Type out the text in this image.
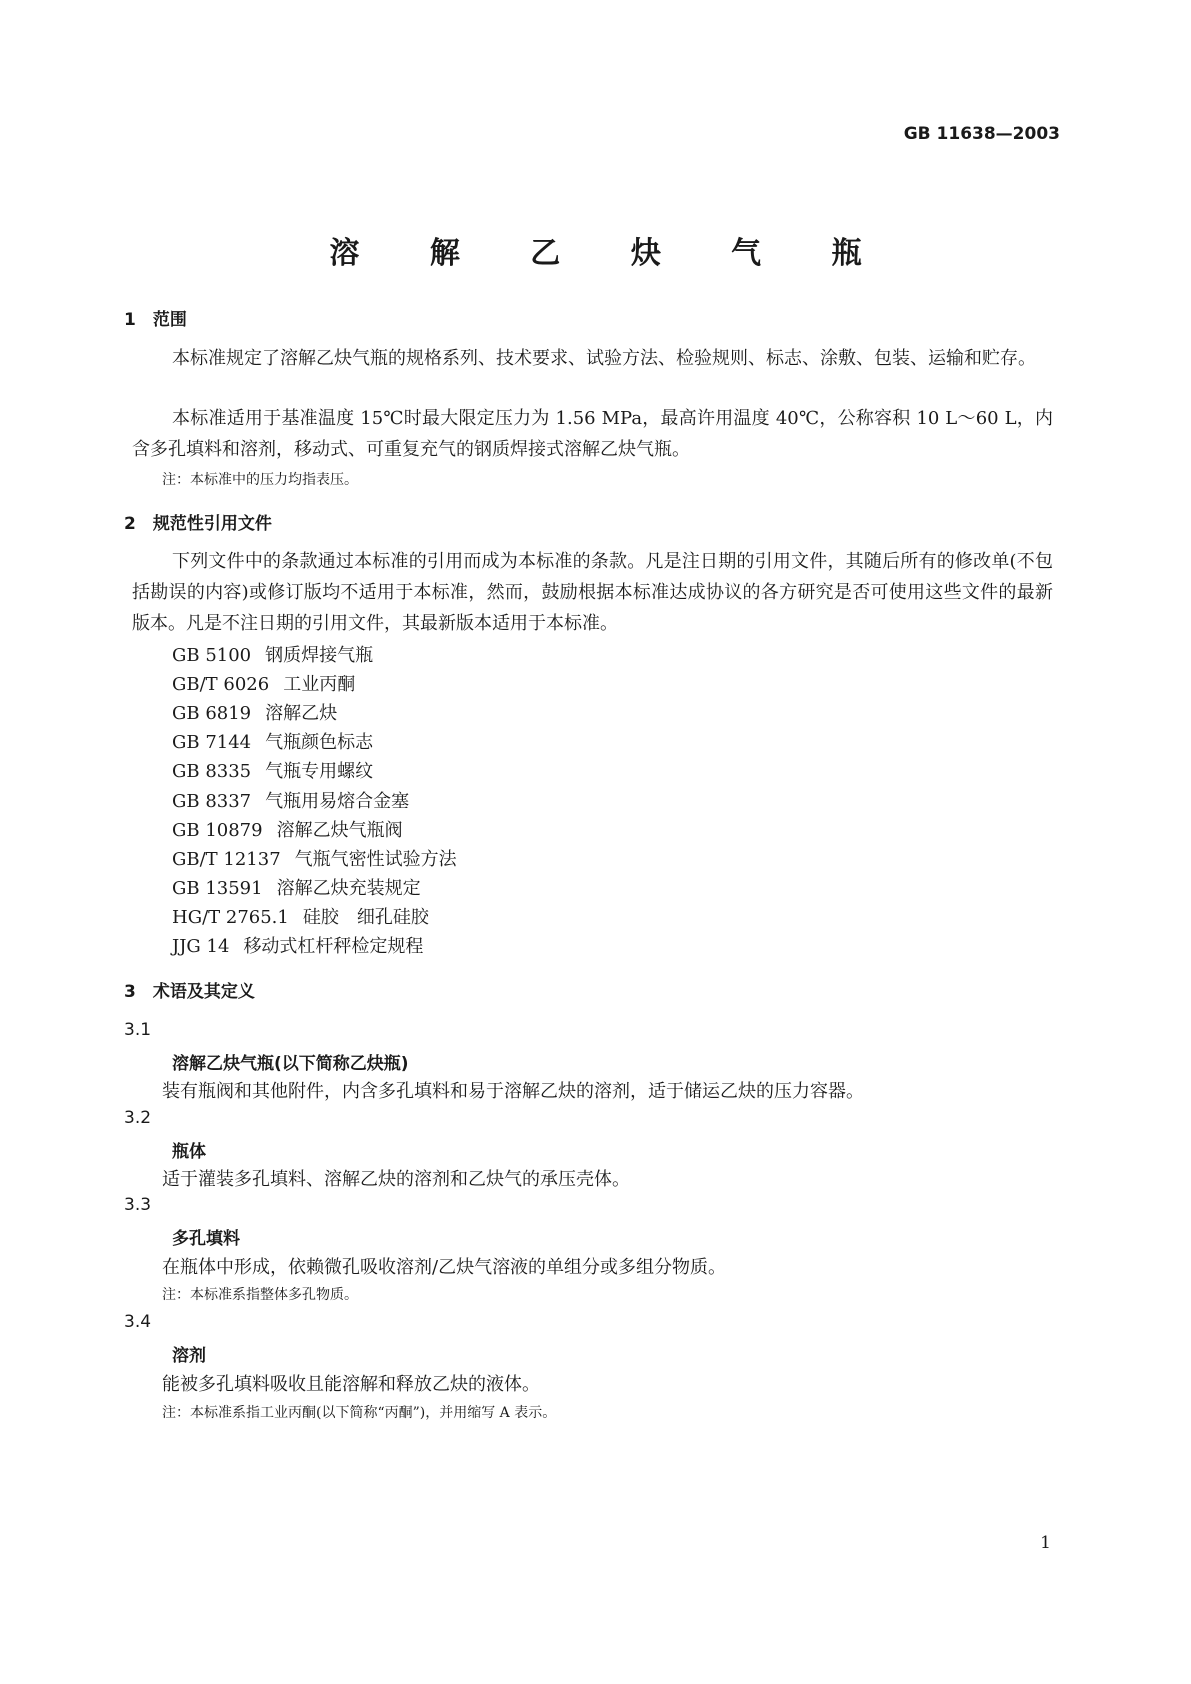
GB 11638—2003
溶 解 乙 炔 气 瓶
1　范围
本标准规定了溶解乙炔气瓶的规格系列、技术要求、试验方法、检验规则、标志、涂敷、包装、运输和贮存。
本标准适用于基准温度 15℃时最大限定压力为 1.56 MPa，最高许用温度 40℃，公称容积 10 L～60 L，内含多孔填料和溶剂，移动式、可重复充气的钢质焊接式溶解乙炔气瓶。
注：本标准中的压力均指表压。
2　规范性引用文件
下列文件中的条款通过本标准的引用而成为本标准的条款。凡是注日期的引用文件，其随后所有的修改单(不包括勘误的内容)或修订版均不适用于本标准，然而，鼓励根据本标准达成协议的各方研究是否可使用这些文件的最新版本。凡是不注日期的引用文件，其最新版本适用于本标准。
GB 5100 钢质焊接气瓶
GB/T 6026 工业丙酮
GB 6819 溶解乙炔
GB 7144 气瓶颜色标志
GB 8335 气瓶专用螺纹
GB 8337 气瓶用易熔合金塞
GB 10879 溶解乙炔气瓶阀
GB/T 12137 气瓶气密性试验方法
GB 13591 溶解乙炔充装规定
HG/T 2765.1 硅胶　细孔硅胶
JJG 14 移动式杠杆秤检定规程
3　术语及其定义
3.1
溶解乙炔气瓶(以下简称乙炔瓶)
装有瓶阀和其他附件，内含多孔填料和易于溶解乙炔的溶剂，适于储运乙炔的压力容器。
3.2
瓶体
适于灌装多孔填料、溶解乙炔的溶剂和乙炔气的承压壳体。
3.3
多孔填料
在瓶体中形成，依赖微孔吸收溶剂/乙炔气溶液的单组分或多组分物质。
注：本标准系指整体多孔物质。
3.4
溶剂
能被多孔填料吸收且能溶解和释放乙炔的液体。
注：本标准系指工业丙酮(以下简称“丙酮”)，并用缩写 A 表示。
1
